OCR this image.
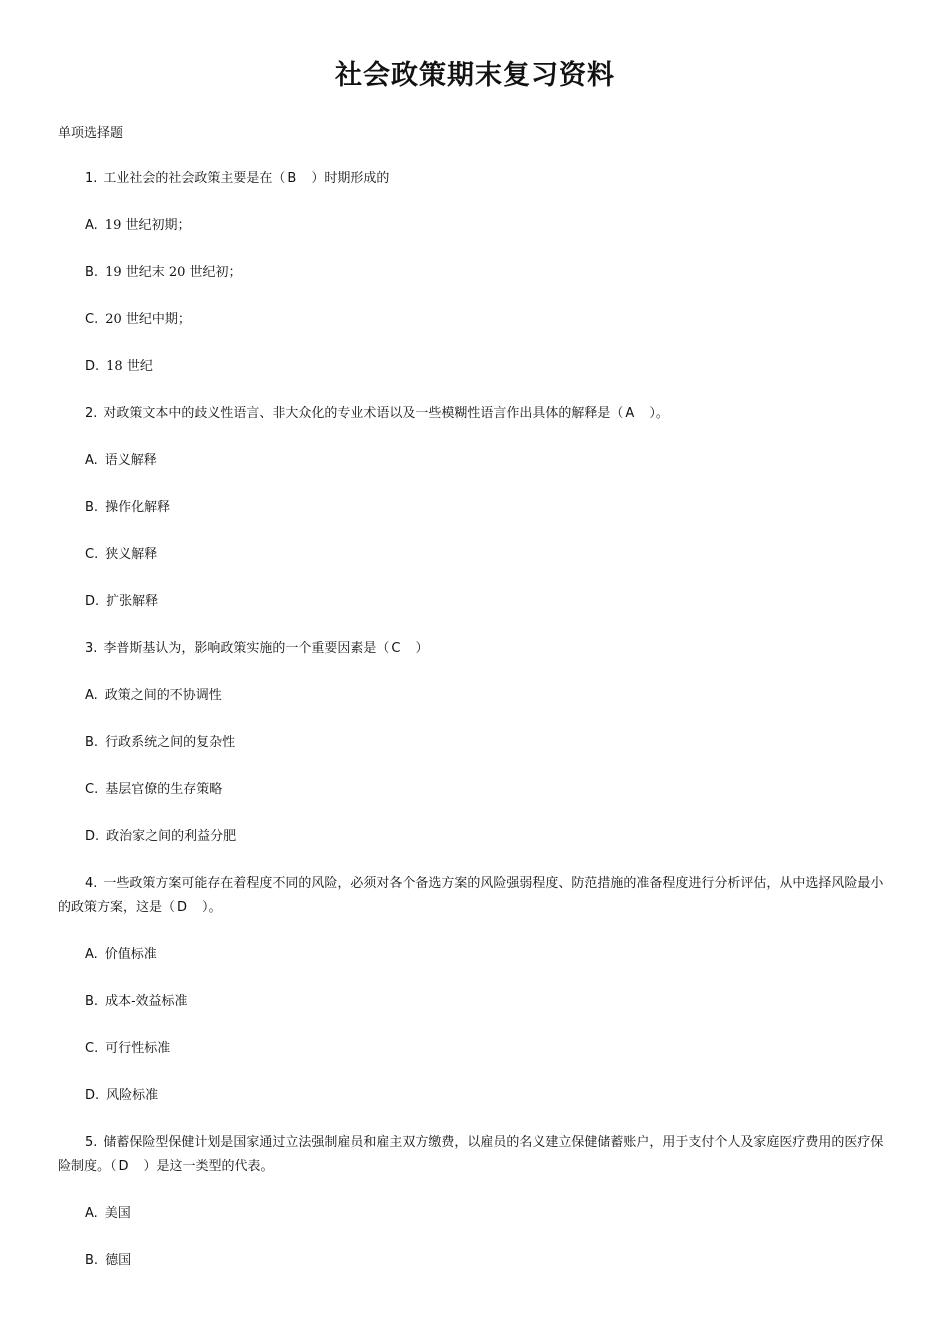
社会政策期末复习资料
单项选择题
1. 工业社会的社会政策主要是在（ B　）时期形成的
A. 19 世纪初期；
B. 19 世纪末 20 世纪初；
C. 20 世纪中期；
D. 18 世纪
2. 对政策文本中的歧义性语言、非大众化的专业术语以及一些模糊性语言作出具体的解释是（ A　）。
A. 语义解释
B. 操作化解释
C. 狭义解释
D. 扩张解释
3. 李普斯基认为，影响政策实施的一个重要因素是（ C　）
A. 政策之间的不协调性
B. 行政系统之间的复杂性
C. 基层官僚的生存策略
D. 政治家之间的利益分肥
4. 一些政策方案可能存在着程度不同的风险，必须对各个备选方案的风险强弱程度、防范措施的准备程度进行分析评估，从中选择风险最小的政策方案，这是（ D　）。
A. 价值标准
B. 成本-效益标准
C. 可行性标准
D. 风险标准
5. 储蓄保险型保健计划是国家通过立法强制雇员和雇主双方缴费，以雇员的名义建立保健储蓄账户，用于支付个人及家庭医疗费用的医疗保险制度。（ D　）是这一类型的代表。
A. 美国
B. 德国
